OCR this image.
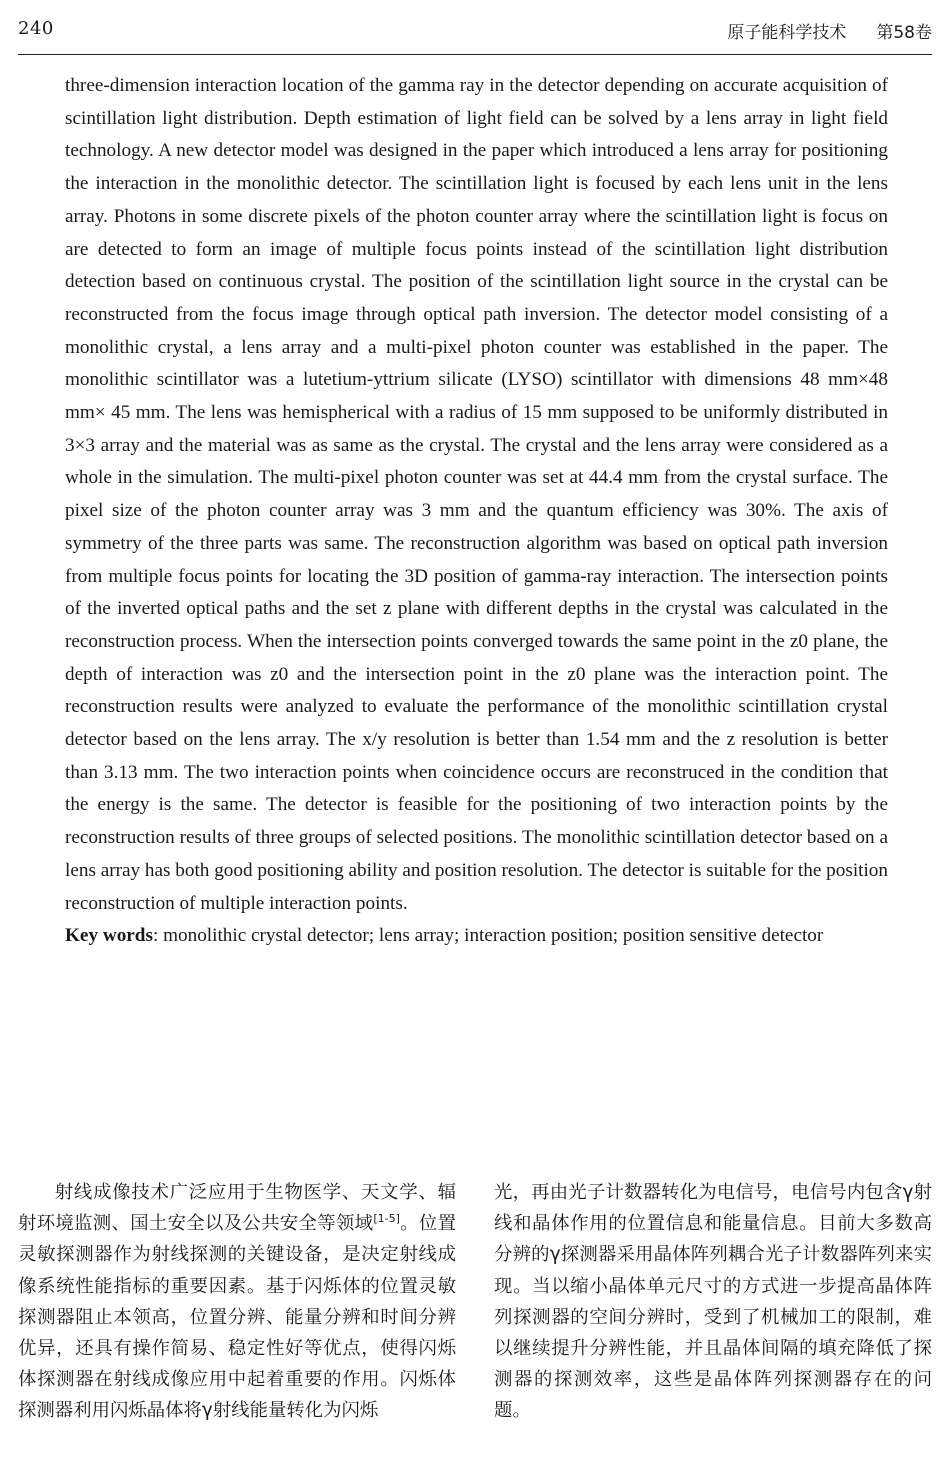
240	原子能科学技术 第58卷

three-dimension interaction location of the gamma ray in the detector depending on accurate acquisition of scintillation light distribution. Depth estimation of light field can be solved by a lens array in light field technology. A new detector model was designed in the paper which introduced a lens array for positioning the interaction in the monolithic detector. The scintillation light is focused by each lens unit in the lens array. Photons in some discrete pixels of the photon counter array where the scintillation light is focus on are detected to form an image of multiple focus points instead of the scintillation light distribution detection based on continuous crystal. The position of the scintillation light source in the crystal can be reconstructed from the focus image through optical path inversion. The detector model consisting of a monolithic crystal, a lens array and a multi-pixel photon counter was established in the paper. The monolithic scintillator was a lutetium-yttrium silicate (LYSO) scintillator with dimensions 48 mm×48 mm× 45 mm. The lens was hemispherical with a radius of 15 mm supposed to be uniformly distributed in 3×3 array and the material was as same as the crystal. The crystal and the lens array were considered as a whole in the simulation. The multi-pixel photon counter was set at 44.4 mm from the crystal surface. The pixel size of the photon counter array was 3 mm and the quantum efficiency was 30%. The axis of symmetry of the three parts was same. The reconstruction algorithm was based on optical path inversion from multiple focus points for locating the 3D position of gamma-ray interaction. The intersection points of the inverted optical paths and the set z plane with different depths in the crystal was calculated in the reconstruction process. When the intersection points converged towards the same point in the z0 plane, the depth of interaction was z0 and the intersection point in the z0 plane was the interaction point. The reconstruction results were analyzed to evaluate the performance of the monolithic scintillation crystal detector based on the lens array. The x/y resolution is better than 1.54 mm and the z resolution is better than 3.13 mm. The two interaction points when coincidence occurs are reconstruced in the condition that the energy is the same. The detector is feasible for the positioning of two interaction points by the reconstruction results of three groups of selected positions. The monolithic scintillation detector based on a lens array has both good positioning ability and position resolution. The detector is suitable for the position reconstruction of multiple interaction points.

Key words: monolithic crystal detector; lens array; interaction position; position sensitive detector

射线成像技术广泛应用于生物医学、天文学、辐射环境监测、国土安全以及公共安全等领域[1-5]。位置灵敏探测器作为射线探测的关键设备，是决定射线成像系统性能指标的重要因素。基于闪烁体的位置灵敏探测器阻止本领高，位置分辨、能量分辨和时间分辨优异，还具有操作简易、稳定性好等优点，使得闪烁体探测器在射线成像应用中起着重要的作用。闪烁体探测器利用闪烁晶体将γ射线能量转化为闪烁

光，再由光子计数器转化为电信号，电信号内包含γ射线和晶体作用的位置信息和能量信息。目前大多数高分辨的γ探测器采用晶体阵列耦合光子计数器阵列来实现。当以缩小晶体单元尺寸的方式进一步提高晶体阵列探测器的空间分辨时，受到了机械加工的限制，难以继续提升分辨性能，并且晶体间隔的填充降低了探测器的探测效率，这些是晶体阵列探测器存在的问题。
